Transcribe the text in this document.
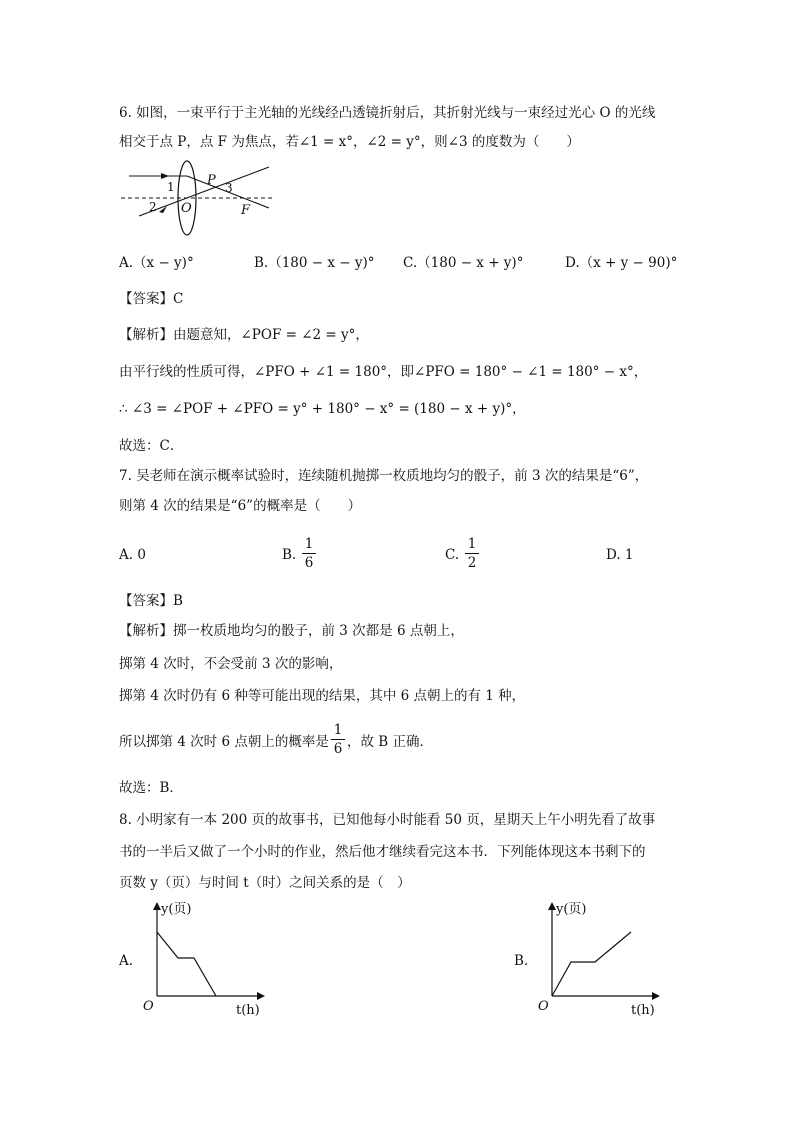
6. 如图，一束平行于主光轴的光线经凸透镜折射后，其折射光线与一束经过光心 O 的光线
相交于点 P，点 F 为焦点，若∠1 = x°，∠2 = y°，则∠3 的度数为（　　）
1
2
3
P
O	F
A.（x − y)°	B.（180 − x − y)° C.（180 − x + y)°	D.（x + y − 90)°
【答案】C
【解析】由题意知，∠POF = ∠2 = y°，
由平行线的性质可得，∠PFO + ∠1 = 180°，即∠PFO = 180° − ∠1 = 180° − x°，
∴ ∠3 = ∠POF + ∠PFO = y° + 180° − x° = (180 − x + y)°，
故选：C．
7. 吴老师在演示概率试验时，连续随机抛掷一枚质地均匀的骰子，前 3 次的结果是“6”，
则第 4 次的结果是“6”的概率是（　　）
A. 0	B.
1
6	C.
1
2	D. 1
【答案】B
【解析】掷一枚质地均匀的骰子，前 3 次都是 6 点朝上，
掷第 4 次时，不会受前 3 次的影响，
掷第 4 次时仍有 6 种等可能出现的结果，其中 6 点朝上的有 1 种，
所以掷第 4 次时 6 点朝上的概率是
1
6 ，故 B 正确．
故选：B．
8. 小明家有一本 200 页的故事书，已知他每小时能看 50 页，星期天上午小明先看了故事
书的一半后又做了一个小时的作业，然后他才继续看完这本书．下列能体现这本书剩下的
页数 y（页）与时间 t（时）之间关系的是（　）
A.
y(页)
t(h)
O
B.
y(页)
t(h)
O
